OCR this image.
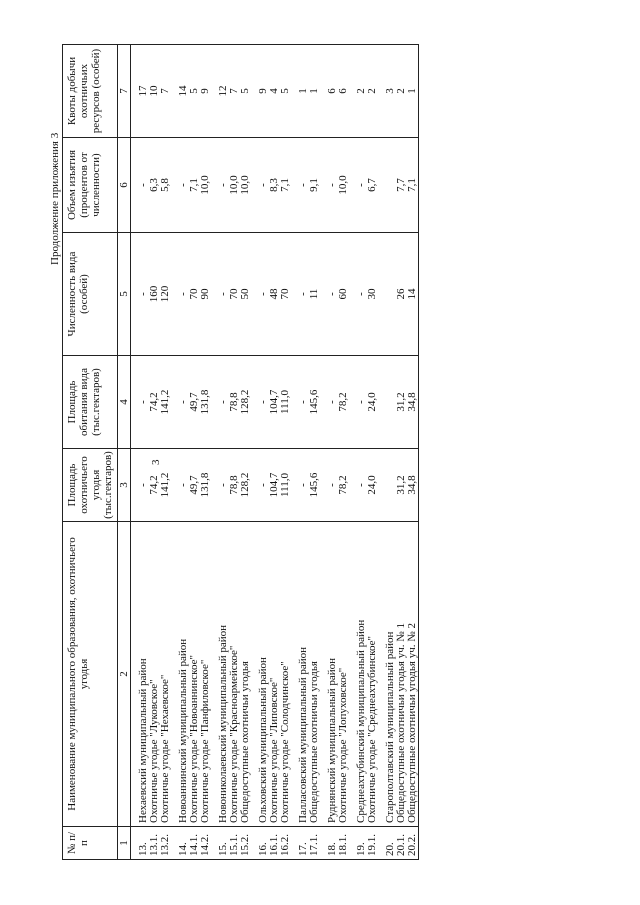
3
Продолжение приложения 3
№ п/п	Наименование муниципального образования, охотничьего угодья	Площадь охотничьего угодья (тыс.гектаров)	Площадь обитания вида (тыс.гектаров)	Численность вида (особей)	Объем изъятия (процентов от численности)	Квоты добычи охотничьих ресурсов (особей)
1	2	3	4	5	6	7

13.	Нехаевский муниципальный район	-	-	-	-	17
13.1.	Охотничье угодье "Луковское"	74,2	74,2	160	6,3	10
13.2.	Охотничье угодье "Нехаевское"	141,2	141,2	120	5,8	7

14.	Новоаннинский муниципальный район	-	-	-	-	14
14.1.	Охотничье угодье "Новоаннинское"	49,7	49,7	70	7,1	5
14.2.	Охотничье угодье "Панфиловское"	131,8	131,8	90	10,0	9

15.	Новониколаевский муниципальный район	-	-	-	-	12
15.1.	Охотничье угодье "Красноармейское"	78,8	78,8	70	10,0	7
15.2.	Общедоступные охотничьи угодья	128,2	128,2	50	10,0	5

16.	Ольховский муниципальный район	-	-	-	-	9
16.1.	Охотничье угодье "Липовское"	104,7	104,7	48	8,3	4
16.2.	Охотничье угодье "Солодчинское"	111,0	111,0	70	7,1	5

17.	Палласовский муниципальный район	-	-	-	-	1
17.1.	Общедоступные охотничьи угодья	145,6	145,6	11	9,1	1

18.	Руднянский муниципальный район	-	-	-	-	6
18.1.	Охотничье угодье "Лопуховское"	78,2	78,2	60	10,0	6

19.	Среднеахтубинский муниципальный район	-	-	-	-	2
19.1.	Охотничье угодье "Среднеахтубинское"	24,0	24,0	30	6,7	2

20.	Старополтавский муниципальный район					3
20.1.	Общедоступные охотничьи угодья уч. № 1	31,2	31,2	26	7,7	2
20.2.	Общедоступные охотничьи угодья уч. № 2	34,8	34,8	14	7,1	1
